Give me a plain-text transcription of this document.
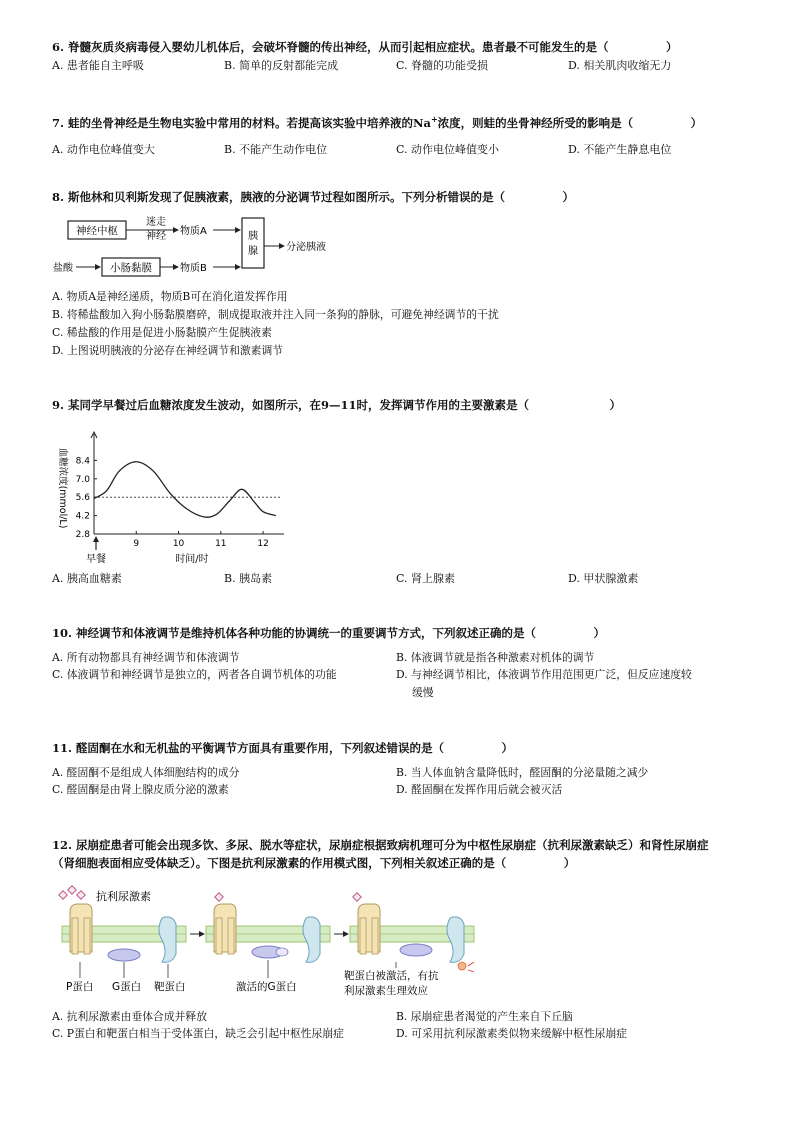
6. 脊髓灰质炎病毒侵入婴幼儿机体后，会破坏脊髓的传出神经，从而引起相应症状。患者最不可能发生的是（　　　　　）
A. 患者能自主呼吸	B. 简单的反射都能完成	C. 脊髓的功能受损	D. 相关肌肉收缩无力
7. 蛙的坐骨神经是生物电实验中常用的材料。若提高该实验中培养液的Na+浓度，则蛙的坐骨神经所受的影响是（　　　　　）
A. 动作电位峰值变大	B. 不能产生动作电位	C. 动作电位峰值变小	D. 不能产生静息电位
8. 斯他林和贝利斯发现了促胰液素，胰液的分泌调节过程如图所示。下列分析错误的是（　　　　　）
神经中枢
迷走
神经 物质A
盐酸	小肠黏膜	物质B
胰
腺	分泌胰液
A. 物质A是神经递质，物质B可在消化道发挥作用
B. 将稀盐酸加入狗小肠黏膜磨碎，制成提取液并注入同一条狗的静脉，可避免神经调节的干扰
C. 稀盐酸的作用是促进小肠黏膜产生促胰液素
D. 上图说明胰液的分泌存在神经调节和激素调节
9. 某同学早餐过后血糖浓度发生波动，如图所示，在9—11时，发挥调节作用的主要激素是（　　　　　　　）
2.8
4.2
5.6
7.0
8.4
9	10	11	12
血糖浓度(mmol/L)
早餐	时间/时
A. 胰高血糖素	B. 胰岛素	C. 肾上腺素	D. 甲状腺激素
10. 神经调节和体液调节是维持机体各种功能的协调统一的重要调节方式，下列叙述正确的是（　　　　　）
A. 所有动物都具有神经调节和体液调节	B. 体液调节就是指各种激素对机体的调节
C. 体液调节和神经调节是独立的，两者各自调节机体的功能	D. 与神经调节相比，体液调节作用范围更广泛，但反应速度较
缓慢
11. 醛固酮在水和无机盐的平衡调节方面具有重要作用，下列叙述错误的是（　　　　　）
A. 醛固酮不是组成人体细胞结构的成分	B. 当人体血钠含量降低时，醛固酮的分泌量随之减少
C. 醛固酮是由肾上腺皮质分泌的激素	D. 醛固酮在发挥作用后就会被灭活
12. 尿崩症患者可能会出现多饮、多尿、脱水等症状，尿崩症根据致病机理可分为中枢性尿崩症（抗利尿激素缺乏）和肾性尿崩症
（肾细胞表面相应受体缺乏）。下图是抗利尿激素的作用模式图，下列相关叙述正确的是（　　　　　）
抗利尿激素
P蛋白 G蛋白 靶蛋白	激活的G蛋白
靶蛋白被激活，有抗
利尿激素生理效应
A. 抗利尿激素由垂体合成并释放	B. 尿崩症患者渴觉的产生来自下丘脑
C. P蛋白和靶蛋白相当于受体蛋白，缺乏会引起中枢性尿崩症	D. 可采用抗利尿激素类似物来缓解中枢性尿崩症
